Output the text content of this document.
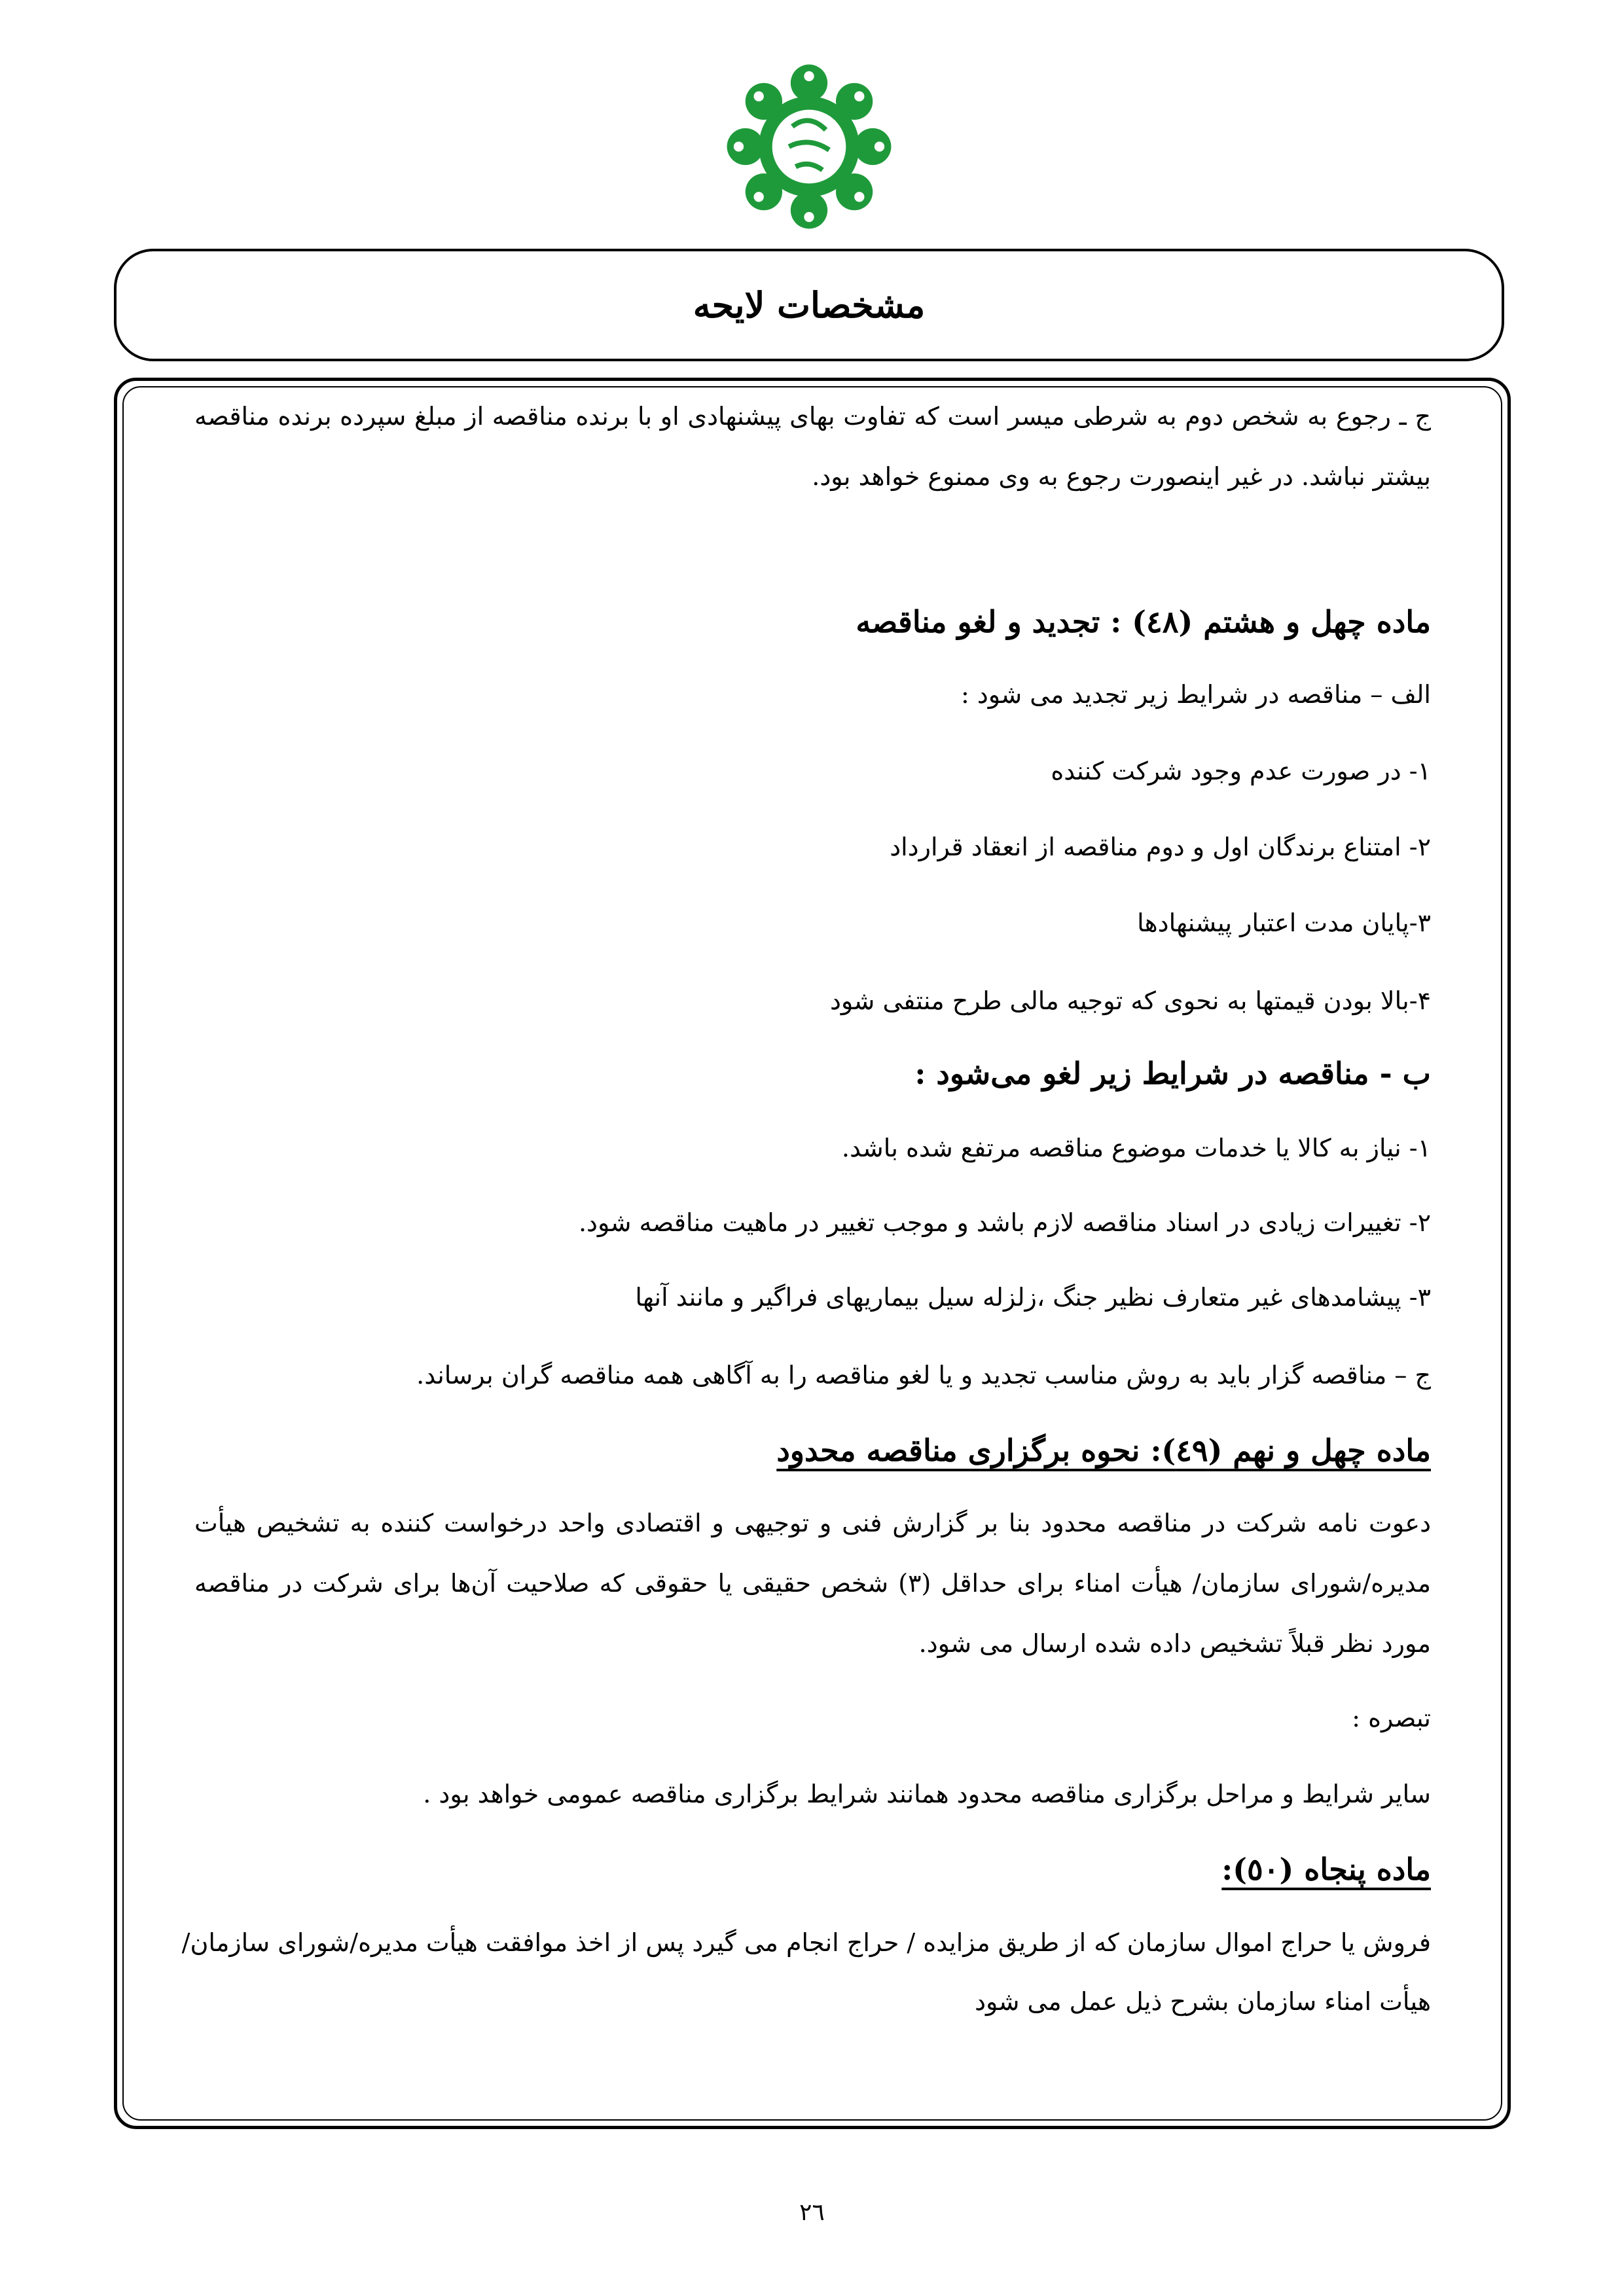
مشخصات لایحه
ج ـ رجوع به شخص دوم به شرطی میسر است که تفاوت بهای پیشنهادی او با برنده مناقصه از مبلغ سپرده برنده مناقصه
بیشتر نباشد. در غیر اینصورت رجوع به وی ممنوع خواهد بود.
ماده چهل و هشتم (٤٨) : تجدید و لغو مناقصه
الف – مناقصه در شرایط زیر تجدید می شود :
۱- در صورت عدم وجود شرکت کننده
۲- امتناع برندگان اول و دوم مناقصه از انعقاد قرارداد
۳-پایان مدت اعتبار پیشنهادها
۴-بالا بودن قیمتها به نحوی که توجیه مالی طرح منتفی شود
ب - مناقصه در شرایط زیر لغو می‌شود :
۱- نیاز به کالا یا خدمات موضوع مناقصه مرتفع شده باشد.
۲- تغییرات زیادی در اسناد مناقصه لازم باشد و موجب تغییر در ماهیت مناقصه شود.
۳- پیشامدهای غیر متعارف نظیر جنگ ،زلزله سیل بیماریهای فراگیر و مانند آنها
ج – مناقصه گزار باید به روش مناسب تجدید و یا لغو مناقصه را به آگاهی همه مناقصه گران برساند.
ماده چهل و نهم (٤٩): نحوه برگزاری مناقصه محدود
دعوت نامه شرکت در مناقصه محدود بنا بر گزارش فنی و توجیهی و اقتصادی واحد درخواست کننده به تشخیص هیأت
مدیره/شورای سازمان/ هیأت امناء برای حداقل (۳) شخص حقیقی یا حقوقی که صلاحیت آن‌ها برای شرکت در مناقصه
مورد نظر قبلاً تشخیص داده شده ارسال می شود.
تبصره :
سایر شرایط و مراحل برگزاری مناقصه محدود همانند شرایط برگزاری مناقصه عمومی خواهد بود .
ماده پنجاه (٥٠):
فروش یا حراج اموال سازمان که از طریق مزایده / حراج انجام می گیرد پس از اخذ موافقت هیأت مدیره/شورای سازمان/
هیأت امناء سازمان بشرح ذیل عمل می شود
۲٦
